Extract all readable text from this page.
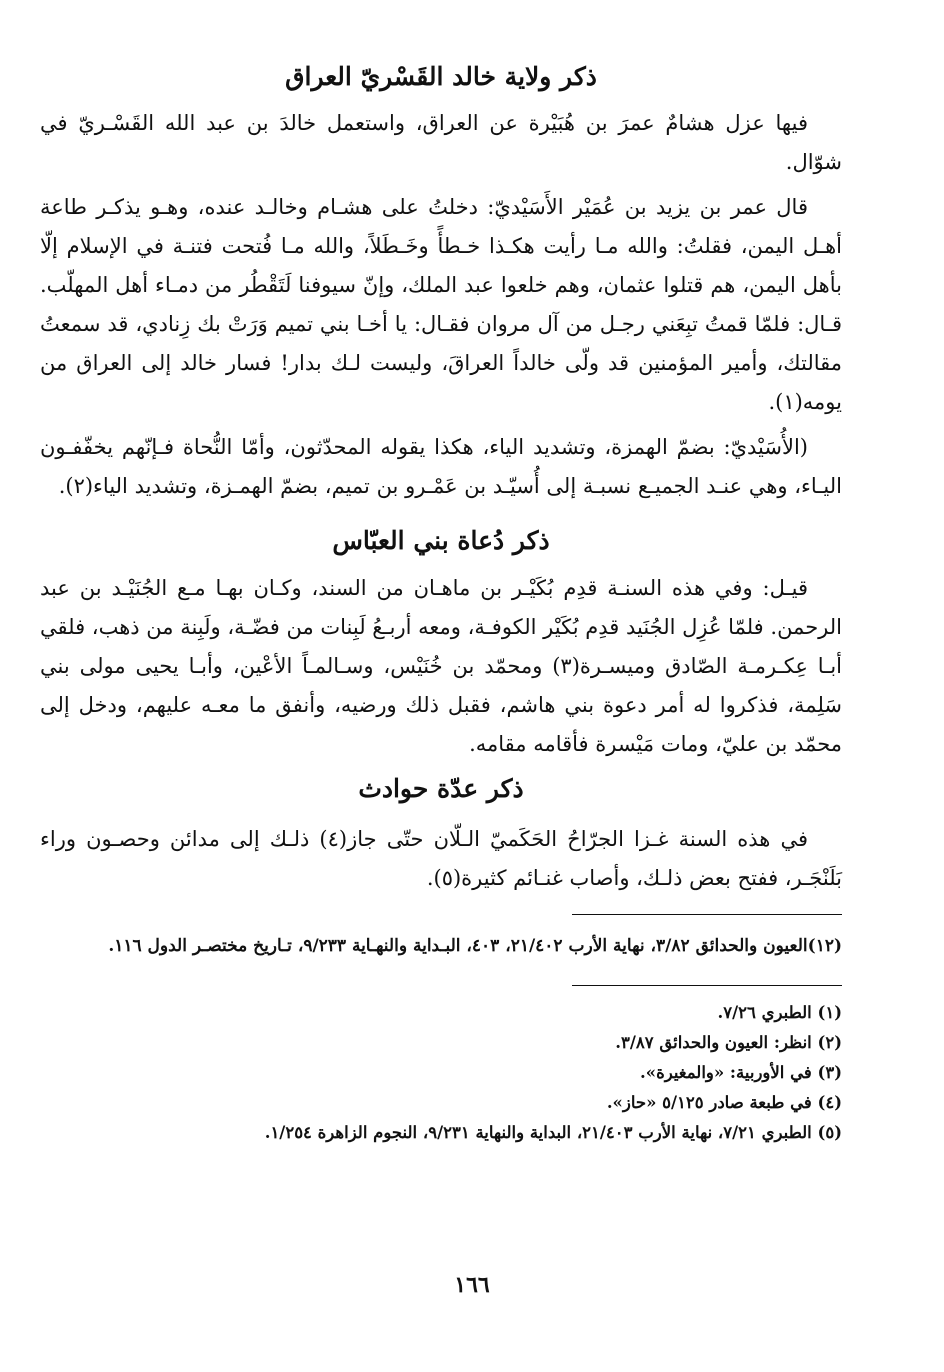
ذكر ولاية خالد القَسْريّ العراق

فيها عزل هشامٌ عمرَ بن هُبَيْرة عن العراق، واستعمل خالدَ بن عبد الله القَسْـريّ في شوّال.

قال عمر بن يزيد بن عُمَيْر الأَسَيْديّ: دخلتُ على هشـام وخالـد عنده، وهـو يذكـر طاعة أهـل اليمن، فقلتُ: والله مـا رأيت هكـذا خـطأً وخَـطَلاً، والله مـا فُتحت فتنـة في الإسلام إلّا بأهل اليمن، هم قتلوا عثمان، وهم خلعوا عبد الملك، وإنّ سيوفنا لَتَقْطُر من دمـاء أهل المهلّب. قـال: فلمّا قمتُ تبِعَني رجـل من آل مروان فقـال: يا أخـا بني تميم وَرَتْ بك زِنادي، قد سمعتُ مقالتك، وأمير المؤمنين قد ولّى خالداً العراقَ، وليست لـك بدار! فسار خالد إلى العراق من يومه(١).

(الأُسَيْديّ: بضمّ الهمزة، وتشديد الياء، هكذا يقوله المحدّثون، وأمّا النُّحاة فـإنّهم يخفّفـون اليـاء، وهي عنـد الجميـع نسبـة إلى أُسيّـد بن عَمْـرو بن تميم، بضمّ الهمـزة، وتشديد الياء(٢).

ذكر دُعاة بني العبّاس

قيـل: وفي هذه السنـة قدِم بُكَيْـر بن ماهـان من السند، وكـان بهـا مـع الجُنَيْـد بن عبد الرحمن. فلمّا عُزِل الجُنَيد قدِم بُكَيْر الكوفـة، ومعه أربـعُ لَبِنات من فضّـة، ولَبِنة من ذهب، فلقي أبـا عِكـرمـة الصّادق وميسـرة(٣) ومحمّد بن خُنَيْس، وسـالمـاً الأعْين، وأبـا يحيى مولى بني سَلِمة، فذكروا له أمر دعوة بني هاشم، فقبل ذلك ورضيه، وأنفق ما معـه عليهم، ودخل إلى محمّد بن عليّ، ومات مَيْسرة فأقامه مقامه.

ذكر عدّة حوادث

في هذه السنة غـزا الجرّاحُ الحَكَميّ الـلّان حتّى جاز(٤) ذلـك إلى مدائن وحصـون وراء بَلَنْجَـر، ففتح بعض ذلـك، وأصاب غنـائم كثيرة(٥).

(١٢)العيون والحدائق ٣/٨٢، نهاية الأرب ٢١/٤٠٢، ٤٠٣، البـداية والنهـاية ٩/٢٣٣، تـاريخ مختصـر الدول ١١٦.

(١) الطبري ٧/٢٦.
(٢) انظر: العيون والحدائق ٣/٨٧.
(٣) في الأوربية: «والمغيرة».
(٤) في طبعة صادر ٥/١٢٥ «حاز».
(٥) الطبري ٧/٢١، نهاية الأرب ٢١/٤٠٣، البداية والنهاية ٩/٢٣١، النجوم الزاهرة ١/٢٥٤.
١٦٦
